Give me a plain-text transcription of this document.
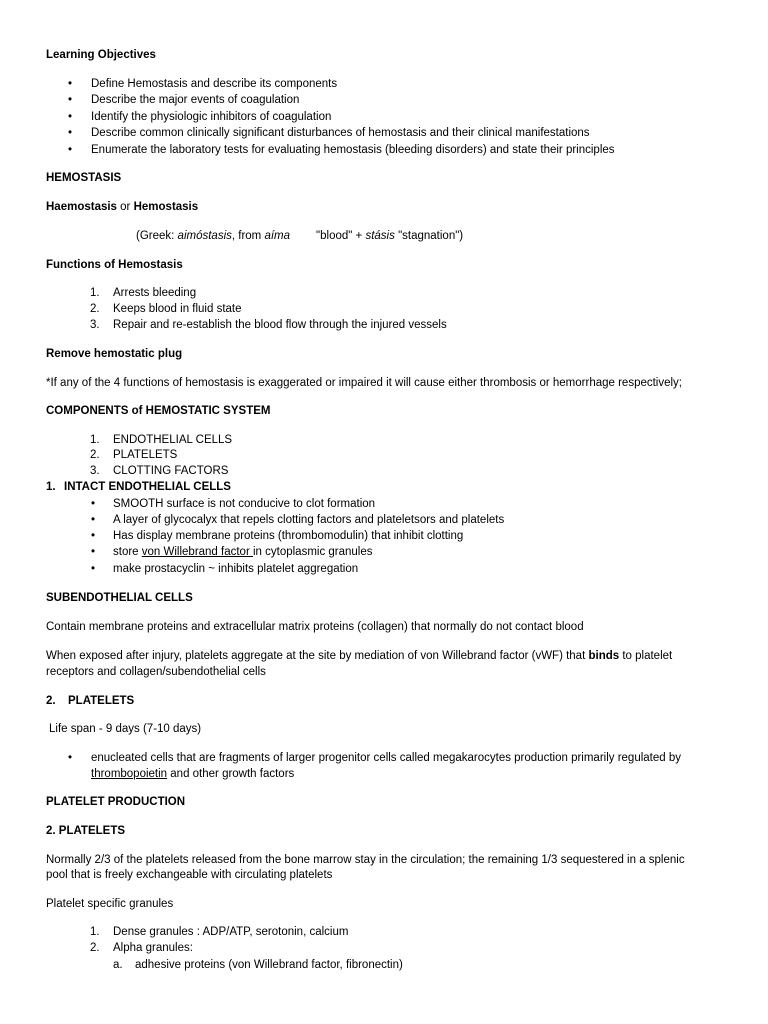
Learning Objectives
• Define Hemostasis and describe its components
• Describe the major events of coagulation
• Identify the physiologic inhibitors of coagulation
• Describe common clinically significant disturbances of hemostasis and their clinical manifestations
• Enumerate the laboratory tests for evaluating hemostasis (bleeding disorders) and state their principles
HEMOSTASIS
Haemostasis or Hemostasis
(Greek: aimóstasis, from aíma "blood" + stásis "stagnation")
Functions of Hemostasis
1. Arrests bleeding
2. Keeps blood in fluid state
3. Repair and re-establish the blood flow through the injured vessels
Remove hemostatic plug
*If any of the 4 functions of hemostasis is exaggerated or impaired it will cause either thrombosis or hemorrhage respectively;
COMPONENTS of HEMOSTATIC SYSTEM
1. ENDOTHELIAL CELLS
2. PLATELETS
3. CLOTTING FACTORS
1. INTACT ENDOTHELIAL CELLS
• SMOOTH surface is not conducive to clot formation
• A layer of glycocalyx that repels clotting factors and plateletsors and platelets
• Has display membrane proteins (thrombomodulin) that inhibit clotting
• store von Willebrand factor in cytoplasmic granules
• make prostacyclin ~ inhibits platelet aggregation
SUBENDOTHELIAL CELLS
Contain membrane proteins and extracellular matrix proteins (collagen) that normally do not contact blood
When exposed after injury, platelets aggregate at the site by mediation of von Willebrand factor (vWF) that binds to platelet
receptors and collagen/subendothelial cells
2. PLATELETS
Life span - 9 days (7-10 days)
• enucleated cells that are fragments of larger progenitor cells called megakarocytes production primarily regulated by
thrombopoietin and other growth factors
PLATELET PRODUCTION
2. PLATELETS
Normally 2/3 of the platelets released from the bone marrow stay in the circulation; the remaining 1/3 sequestered in a splenic
pool that is freely exchangeable with circulating platelets
Platelet specific granules
1. Dense granules : ADP/ATP, serotonin, calcium
2. Alpha granules:
a. adhesive proteins (von Willebrand factor, fibronectin)
